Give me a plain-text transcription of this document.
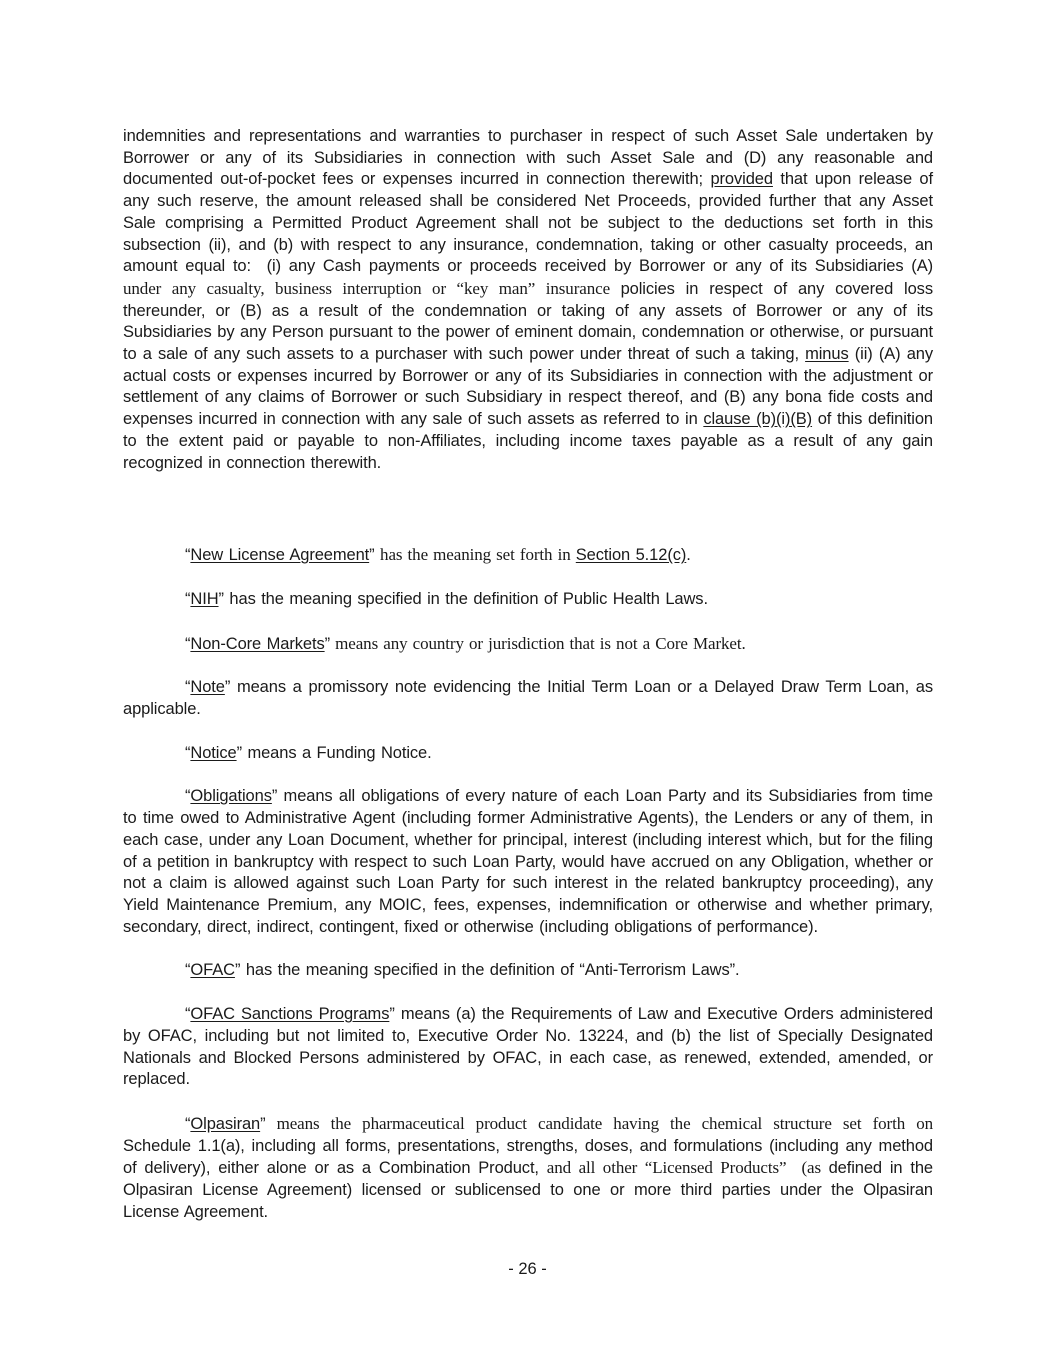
indemnities and representations and warranties to purchaser in respect of such Asset Sale undertaken by Borrower or any of its Subsidiaries in connection with such Asset Sale and (D) any reasonable and documented out-of-pocket fees or expenses incurred in connection therewith; provided that upon release of any such reserve, the amount released shall be considered Net Proceeds, provided further that any Asset Sale comprising a Permitted Product Agreement shall not be subject to the deductions set forth in this subsection (ii), and (b) with respect to any insurance, condemnation, taking or other casualty proceeds, an amount equal to:  (i) any Cash payments or proceeds received by Borrower or any of its Subsidiaries (A) under any casualty, business interruption or “key man” insurance policies in respect of any covered loss thereunder, or (B) as a result of the condemnation or taking of any assets of Borrower or any of its Subsidiaries by any Person pursuant to the power of eminent domain, condemnation or otherwise, or pursuant to a sale of any such assets to a purchaser with such power under threat of such a taking, minus (ii) (A) any actual costs or expenses incurred by Borrower or any of its Subsidiaries in connection with the adjustment or settlement of any claims of Borrower or such Subsidiary in respect thereof, and (B) any bona fide costs and expenses incurred in connection with any sale of such assets as referred to in clause (b)(i)(B) of this definition to the extent paid or payable to non-Affiliates, including income taxes payable as a result of any gain recognized in connection therewith.

“New License Agreement” has the meaning set forth in Section 5.12(c).

“NIH” has the meaning specified in the definition of Public Health Laws.

“Non-Core Markets” means any country or jurisdiction that is not a Core Market.

“Note” means a promissory note evidencing the Initial Term Loan or a Delayed Draw Term Loan, as applicable.

“Notice” means a Funding Notice.

“Obligations” means all obligations of every nature of each Loan Party and its Subsidiaries from time to time owed to Administrative Agent (including former Administrative Agents), the Lenders or any of them, in each case, under any Loan Document, whether for principal, interest (including interest which, but for the filing of a petition in bankruptcy with respect to such Loan Party, would have accrued on any Obligation, whether or not a claim is allowed against such Loan Party for such interest in the related bankruptcy proceeding), any Yield Maintenance Premium, any MOIC, fees, expenses, indemnification or otherwise and whether primary, secondary, direct, indirect, contingent, fixed or otherwise (including obligations of performance).

“OFAC” has the meaning specified in the definition of “Anti-Terrorism Laws”.

“OFAC Sanctions Programs” means (a) the Requirements of Law and Executive Orders administered by OFAC, including but not limited to, Executive Order No. 13224, and (b) the list of Specially Designated Nationals and Blocked Persons administered by OFAC, in each case, as renewed, extended, amended, or replaced.

“Olpasiran” means the pharmaceutical product candidate having the chemical structure set forth on Schedule 1.1(a), including all forms, presentations, strengths, doses, and formulations (including any method of delivery), either alone or as a Combination Product, and all other “Licensed Products”  (as defined in the Olpasiran License Agreement) licensed or sublicensed to one or more third parties under the Olpasiran License Agreement.

- 26 -
